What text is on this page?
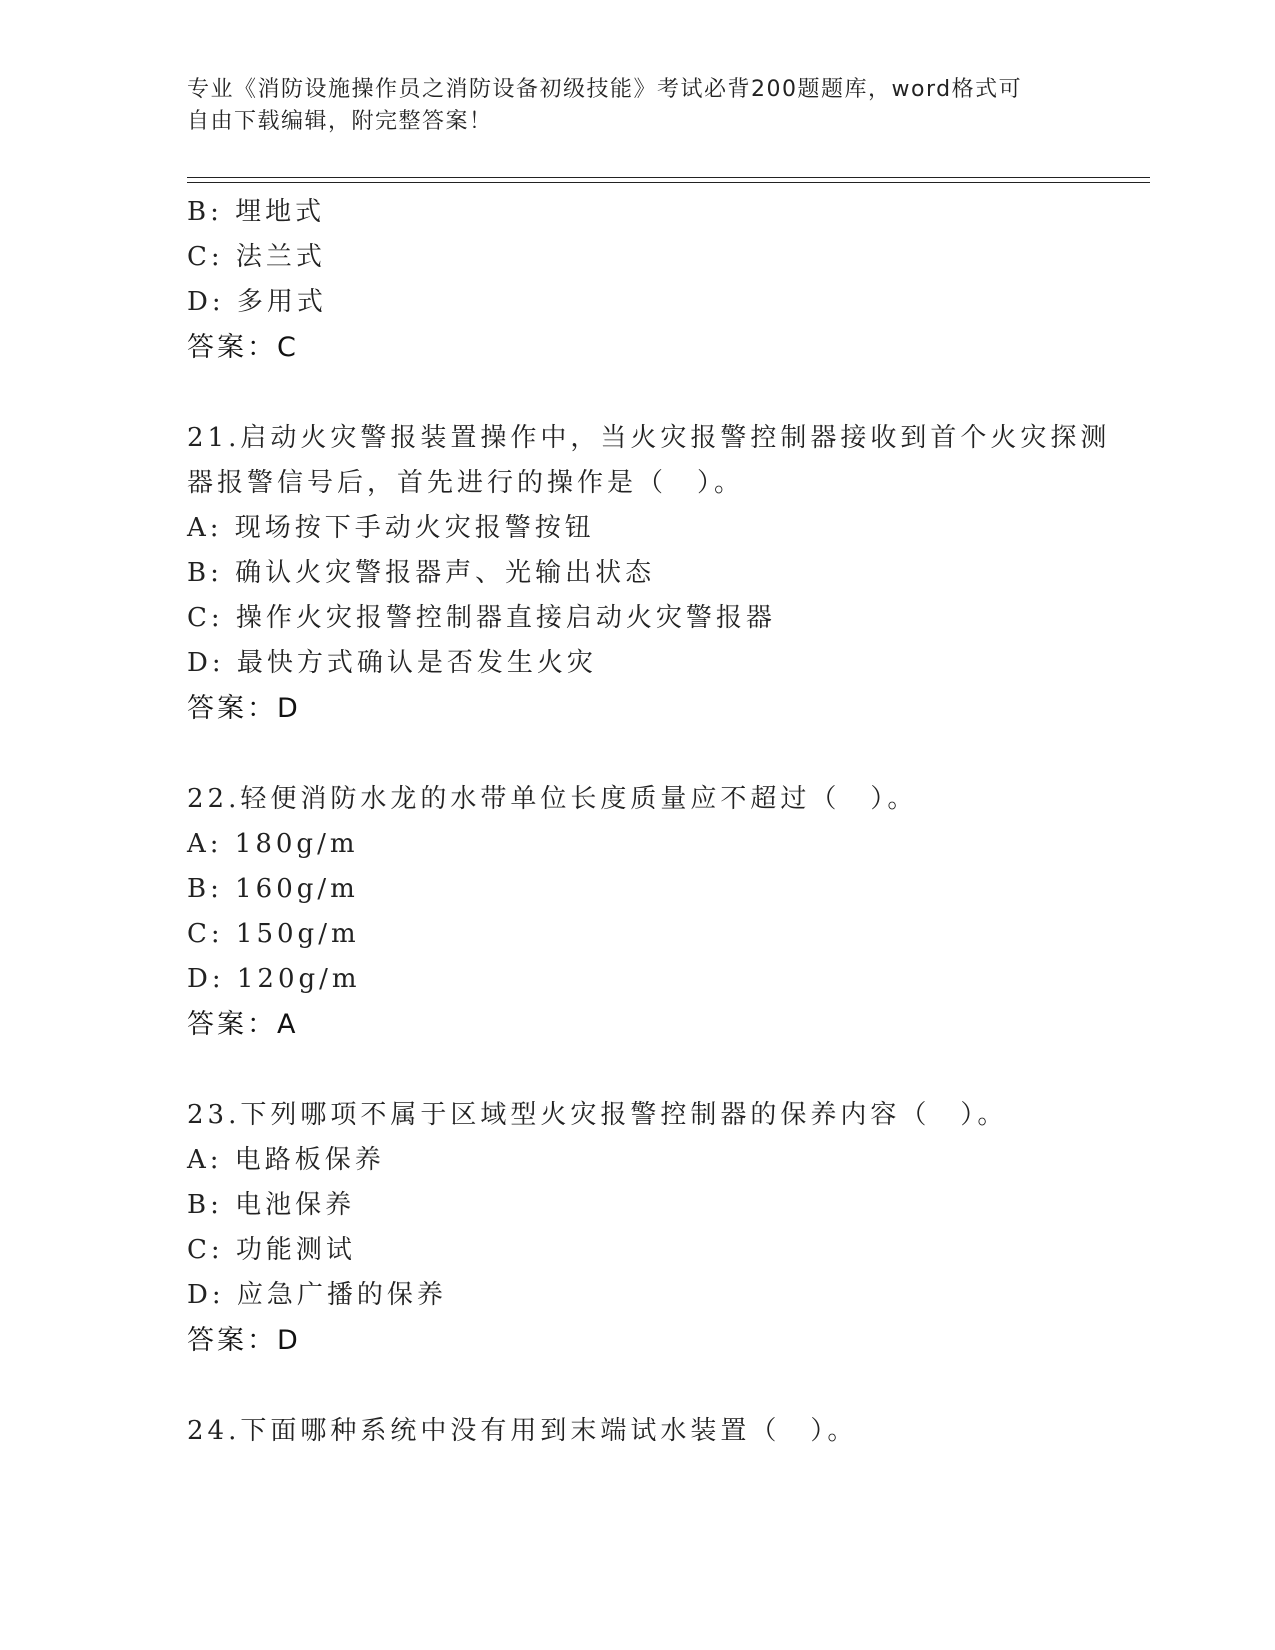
专业《消防设施操作员之消防设备初级技能》考试必背200题题库，word格式可
自由下载编辑，附完整答案！
B: 埋地式
C: 法兰式
D: 多用式
答案：C
21.启动火灾警报装置操作中，当火灾报警控制器接收到首个火灾探测
器报警信号后，首先进行的操作是（　）。
A: 现场按下手动火灾报警按钮
B: 确认火灾警报器声、光输出状态
C: 操作火灾报警控制器直接启动火灾警报器
D: 最快方式确认是否发生火灾
答案：D
22.轻便消防水龙的水带单位长度质量应不超过（　）。
A: 180g/m
B: 160g/m
C: 150g/m
D: 120g/m
答案：A
23.下列哪项不属于区域型火灾报警控制器的保养内容（　）。
A: 电路板保养
B: 电池保养
C: 功能测试
D: 应急广播的保养
答案：D
24.下面哪种系统中没有用到末端试水装置（　）。
